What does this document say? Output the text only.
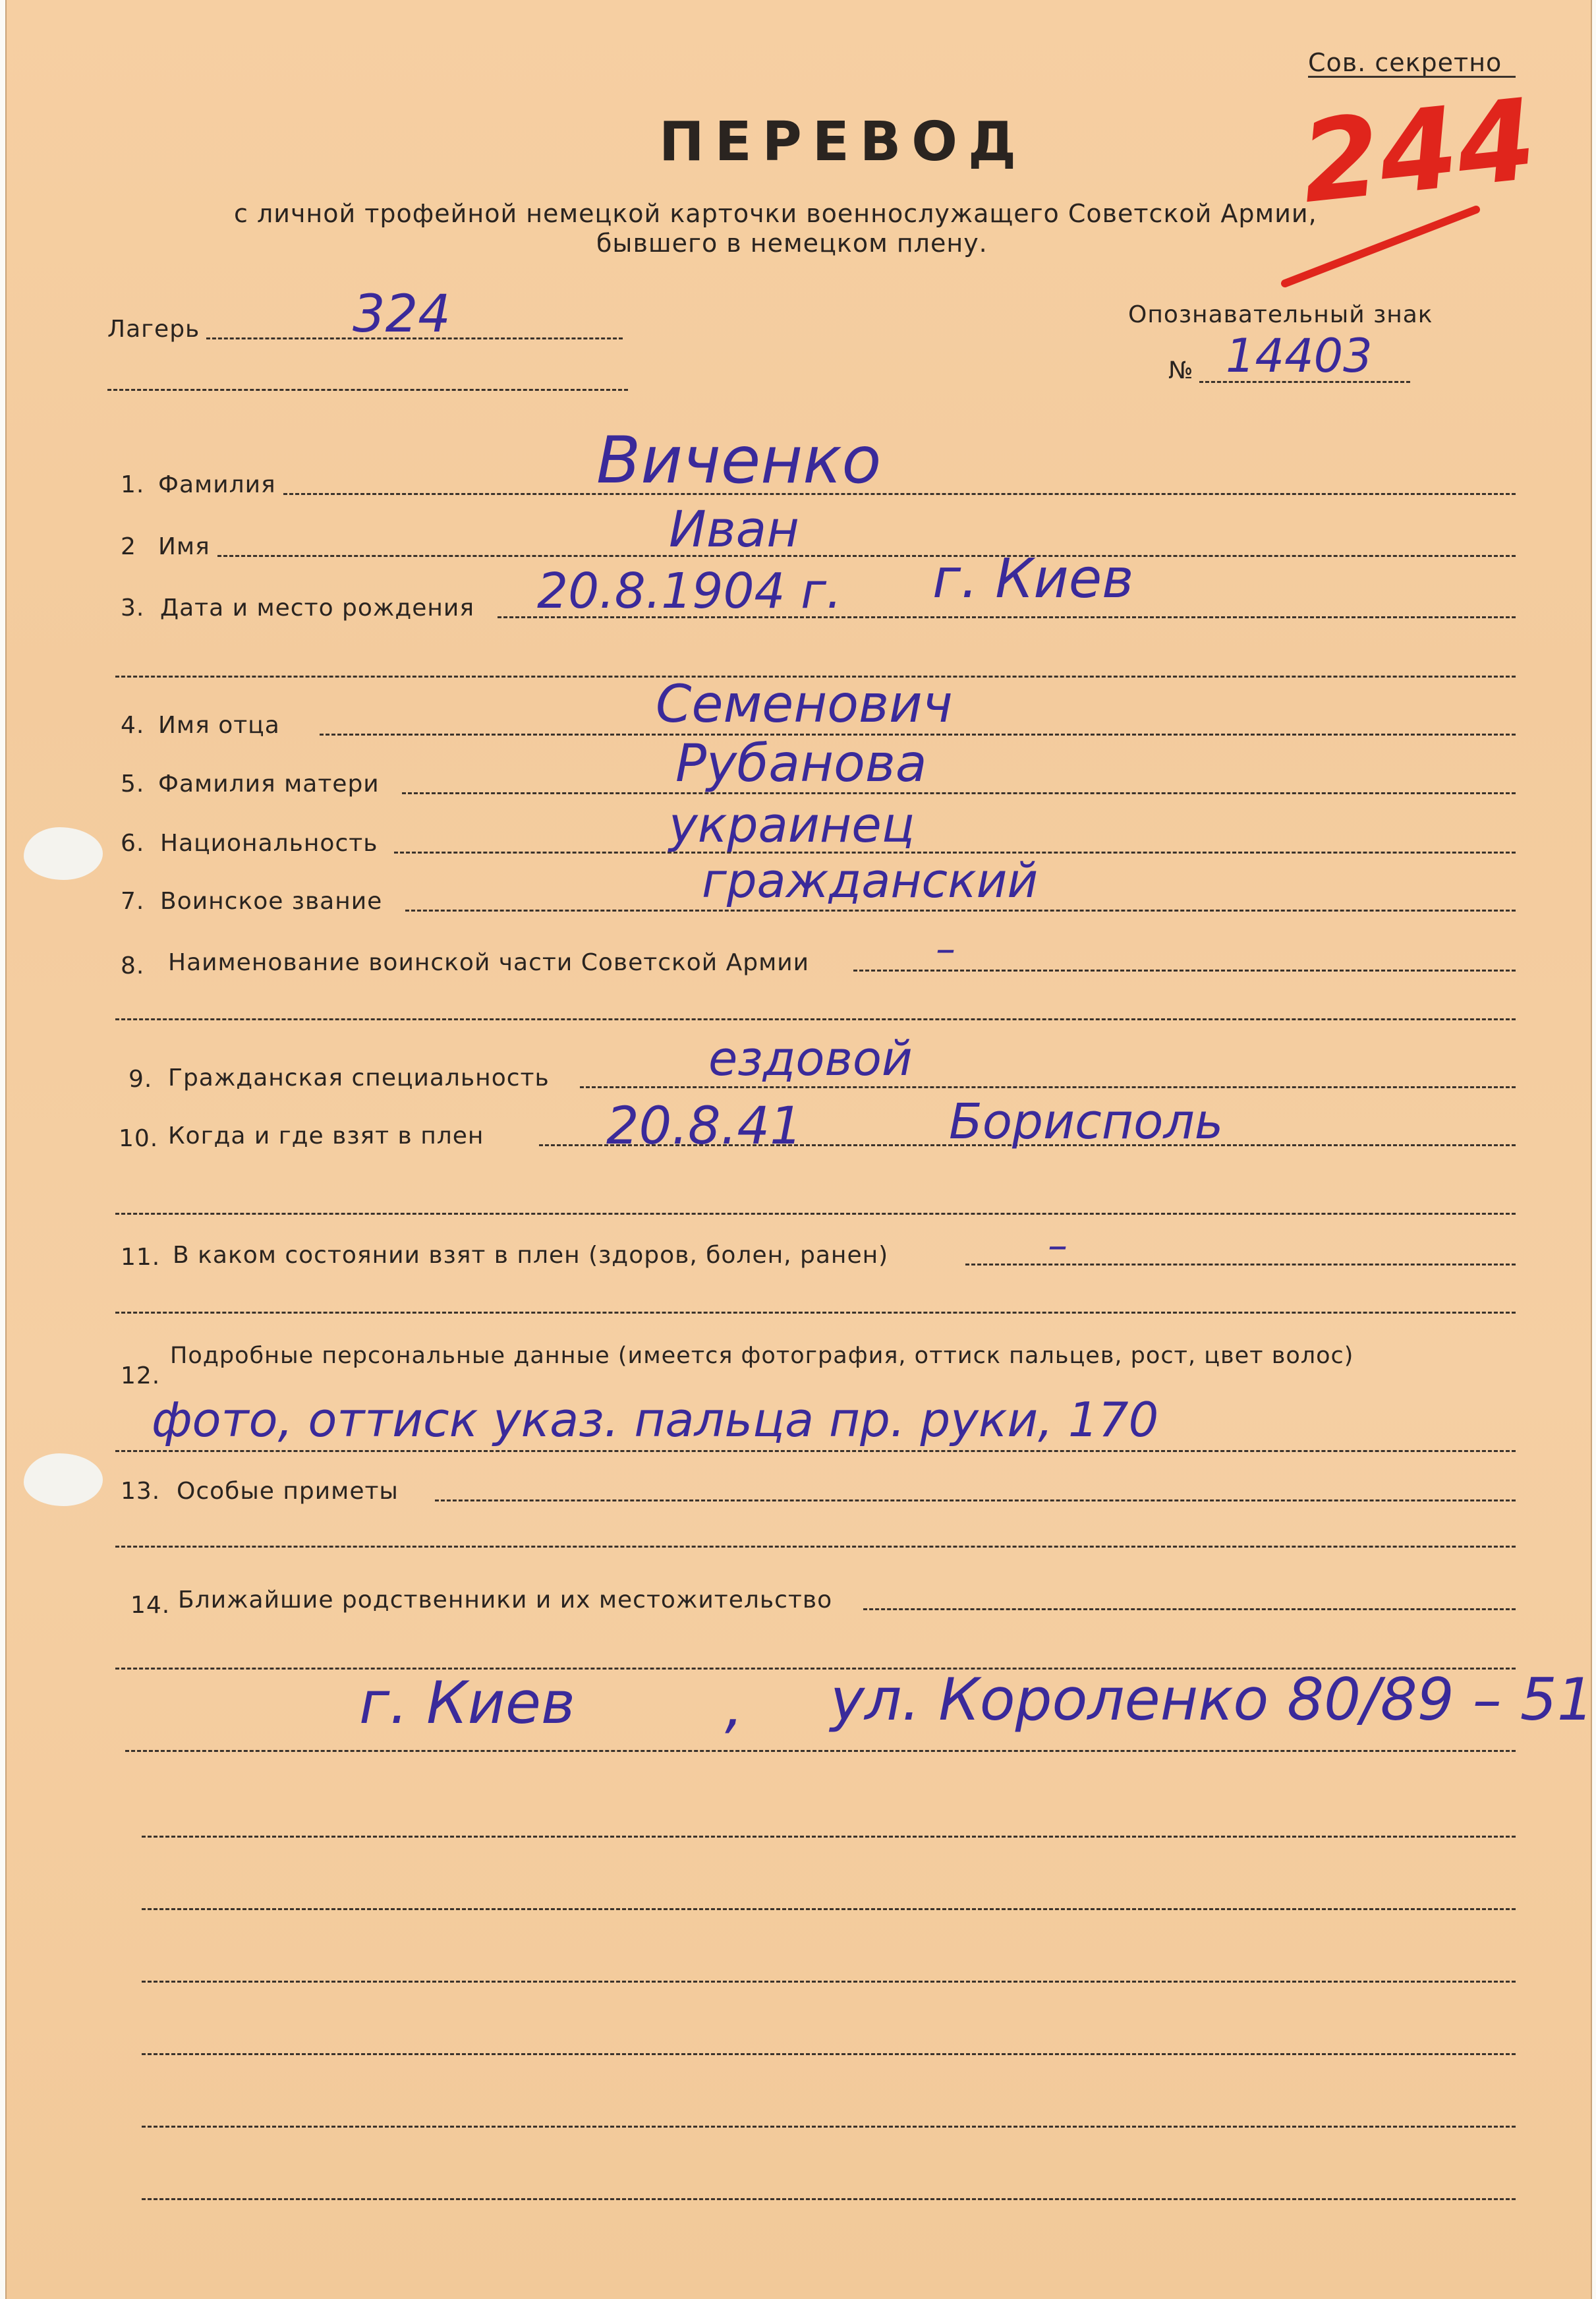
Сов. секретно
ПЕРЕВОД
с личной трофейной немецкой карточки военнослужащего Советской Армии,
бывшего в немецком плену.
244
Лагерь	324	Опознавательный знак
№ 14403
1. Фамилия	Виченко
2 Имя	Иван
3. Дата и место рождения 20.8.1904 г. г. Киев
4. Имя отца	Семенович
5. Фамилия матери	Рубанова
6. Национальность	украинец
7. Воинское звание	гражданский
8. Наименование воинской части Советской Армии	–
9. Гражданская специальность	ездовой
10. Когда и где взят в плен 20.8.41	Борисполь
11. В каком состоянии взят в плен (здоров, болен, ранен)	–
12.
Подробные персональные данные (имеется фотография, оттиск пальцев, рост, цвет волос)
фото, оттиск указ. пальца пр. руки, 170
13. Особые приметы
14. Ближайшие родственники и их местожительство
г. Киев	, ул. Короленко 80/89 – 51
